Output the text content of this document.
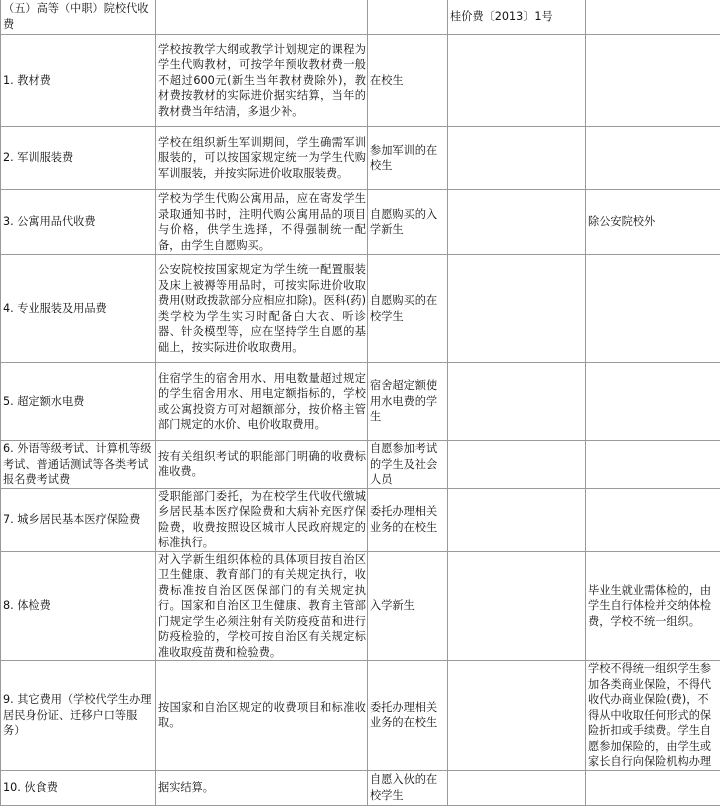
（五）高等（中职）院校代收费			桂价费〔2013〕1号	

1. 教材费	学校按教学大纲或教学计划规定的课程为学生代购教材，可按学年预收教材费一般不超过600元(新生当年教材费除外)，教材费按教材的实际进价据实结算，当年的教材费当年结清，多退少补。	在校生		

2. 军训服装费	学校在组织新生军训期间，学生确需军训服装的，可以按国家规定统一为学生代购军训服装，并按实际进价收取服装费。	参加军训的在校生		

3. 公寓用品代收费	学校为学生代购公寓用品，应在寄发学生录取通知书时，注明代购公寓用品的项目与价格，供学生选择，不得强制统一配备，由学生自愿购买。	自愿购买的入学新生		除公安院校外

4. 专业服装及用品费	公安院校按国家规定为学生统一配置服装及床上被褥等用品时，可按实际进价收取费用(财政拨款部分应相应扣除)。医科(药)类学校为学生实习时配备白大衣、听诊器、针灸模型等，应在坚持学生自愿的基础上，按实际进价收取费用。	自愿购买的在校学生		

5. 超定额水电费	住宿学生的宿舍用水、用电数量超过规定的学生宿舍用水、用电定额指标的，学校或公寓投资方可对超额部分，按价格主管部门规定的水价、电价收取费用。	宿舍超定额使用水电费的学生		

6. 外语等级考试、计算机等级考试、普通话测试等各类考试报名费考试费	按有关组织考试的职能部门明确的收费标准收费。	自愿参加考试的学生及社会人员		

7. 城乡居民基本医疗保险费	受职能部门委托，为在校学生代收代缴城乡居民基本医疗保险费和大病补充医疗保险费，收费按照设区城市人民政府规定的标准执行。	委托办理相关业务的在校生		

8. 体检费	对入学新生组织体检的具体项目按自治区卫生健康、教育部门的有关规定执行，收费标准按自治区医保部门的有关规定执行。国家和自治区卫生健康、教育主管部门规定学生必须注射有关防疫疫苗和进行防疫检验的，学校可按自治区有关规定标准收取疫苗费和检验费。	入学新生		毕业生就业需体检的，由学生自行体检并交纳体检费，学校不统一组织。

9. 其它费用（学校代学生办理居民身份证、迁移户口等服务）	按国家和自治区规定的收费项目和标准收取。	委托办理相关业务的在校生		学校不得统一组织学生参加各类商业保险，不得代收代办商业保险(费)，不得从中收取任何形式的保险折扣或手续费。学生自愿参加保险的，由学生或家长自行向保险机构办理

10. 伙食费	据实结算。	自愿入伙的在校学生		
